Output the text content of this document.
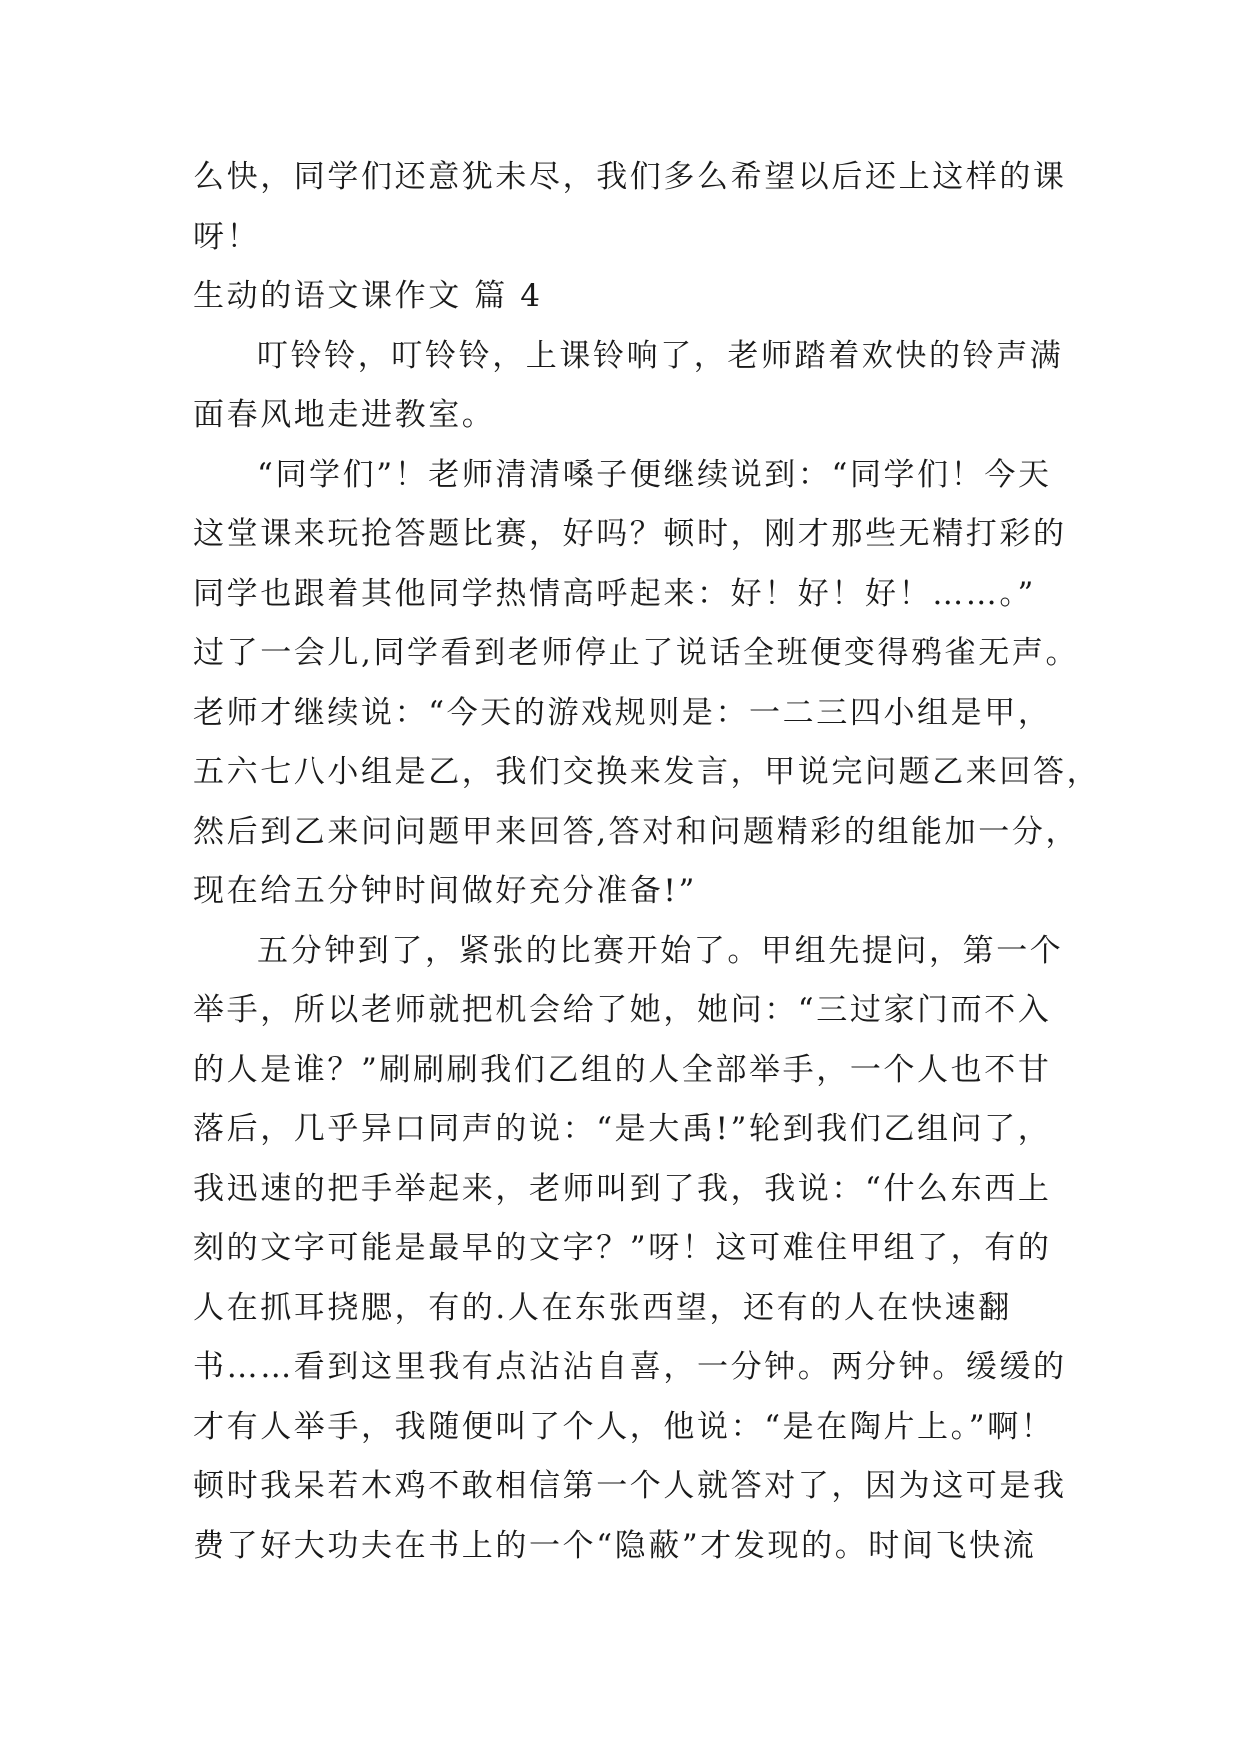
么快，同学们还意犹未尽，我们多么希望以后还上这样的课
呀！
生动的语文课作文 篇 4
叮铃铃，叮铃铃，上课铃响了，老师踏着欢快的铃声满
面春风地走进教室。
“同学们”！老师清清嗓子便继续说到：“同学们！今天
这堂课来玩抢答题比赛，好吗？顿时，刚才那些无精打彩的
同学也跟着其他同学热情高呼起来：好！好！好！……。”
过了一会儿,同学看到老师停止了说话全班便变得鸦雀无声。
老师才继续说：“今天的游戏规则是：一二三四小组是甲，
五六七八小组是乙，我们交换来发言，甲说完问题乙来回答，
然后到乙来问问题甲来回答,答对和问题精彩的组能加一分，
现在给五分钟时间做好充分准备!”
五分钟到了，紧张的比赛开始了。甲组先提问，第一个
举手，所以老师就把机会给了她，她问：“三过家门而不入
的人是谁？”刷刷刷我们乙组的人全部举手，一个人也不甘
落后，几乎异口同声的说：“是大禹!”轮到我们乙组问了，
我迅速的把手举起来，老师叫到了我，我说：“什么东西上
刻的文字可能是最早的文字？”呀！这可难住甲组了，有的
人在抓耳挠腮，有的.人在东张西望，还有的人在快速翻
书……看到这里我有点沾沾自喜，一分钟。两分钟。缓缓的
才有人举手，我随便叫了个人，他说：“是在陶片上。”啊！
顿时我呆若木鸡不敢相信第一个人就答对了，因为这可是我
费了好大功夫在书上的一个“隐蔽”才发现的。时间飞快流
